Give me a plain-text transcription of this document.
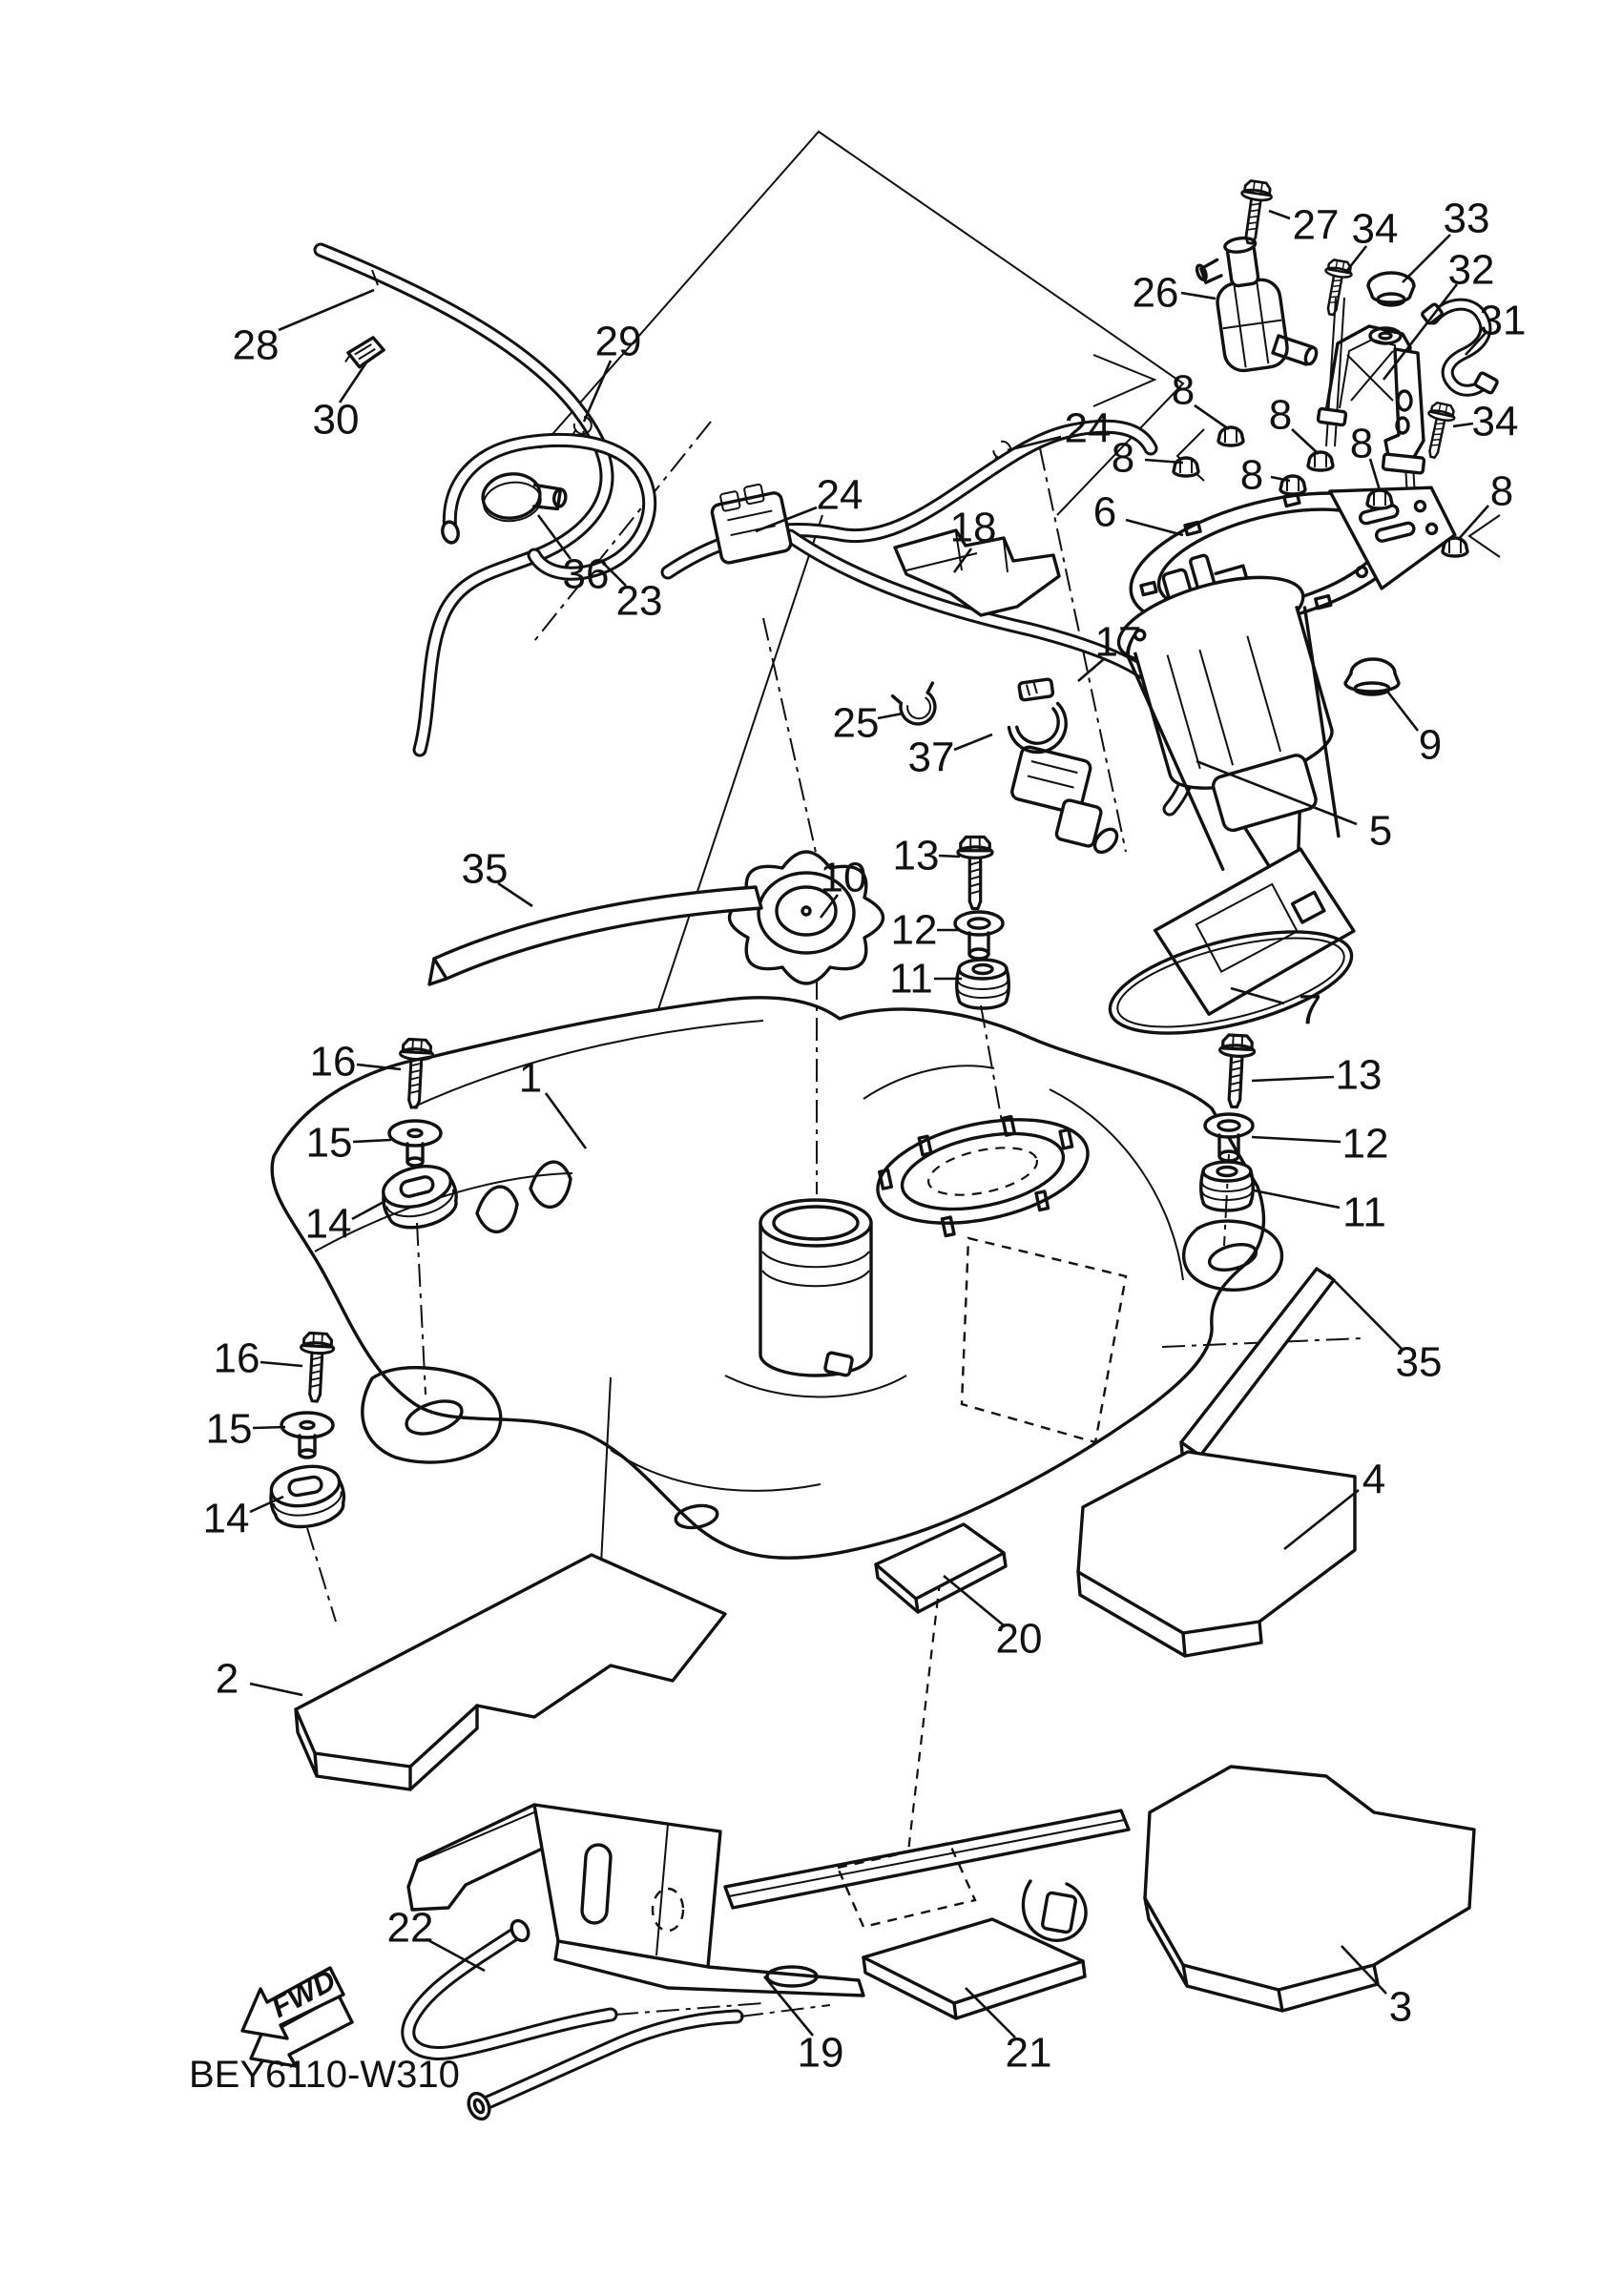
FWD
BEY6110-W310
28
30
29
36
23
24
24
18
17
25
37
26
27 34 33
32
31
34
6
8
8
8
8	8	8
9
5
7
35	10 13
12
11
1	13
12
11
16
15
14
16
15
14
35
4
2
20
22
19	21
3
